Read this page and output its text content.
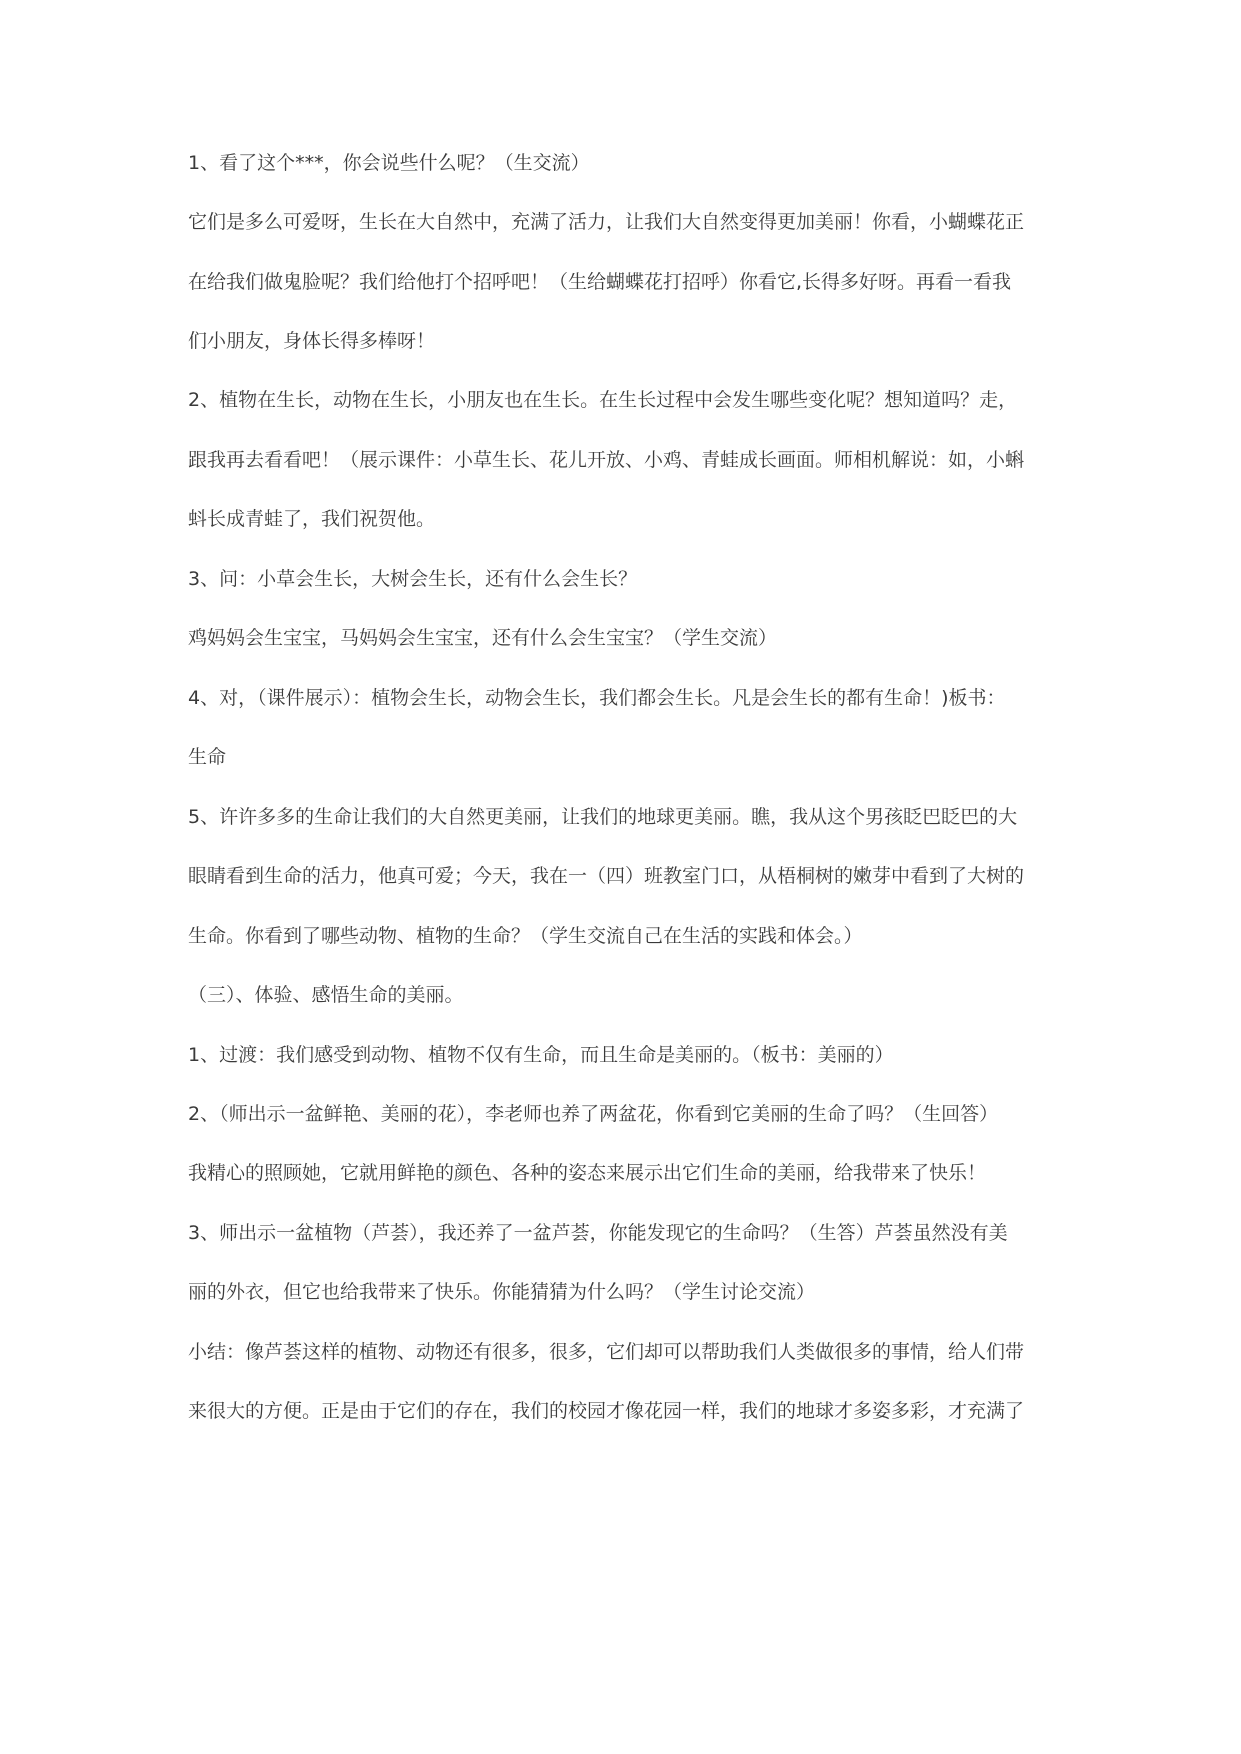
1、看了这个***，你会说些什么呢？（生交流）
它们是多么可爱呀，生长在大自然中，充满了活力，让我们大自然变得更加美丽！你看，小蝴蝶花正
在给我们做鬼脸呢？我们给他打个招呼吧！（生给蝴蝶花打招呼）你看它,长得多好呀。再看一看我
们小朋友，身体长得多棒呀！
2、植物在生长，动物在生长，小朋友也在生长。在生长过程中会发生哪些变化呢？想知道吗？走，
跟我再去看看吧！（展示课件：小草生长、花儿开放、小鸡、青蛙成长画面。师相机解说：如，小蝌
蚪长成青蛙了，我们祝贺他。
3、问：小草会生长，大树会生长，还有什么会生长？
鸡妈妈会生宝宝，马妈妈会生宝宝，还有什么会生宝宝？（学生交流）
4、对，（课件展示）：植物会生长，动物会生长，我们都会生长。凡是会生长的都有生命！)板书：
生命
5、许许多多的生命让我们的大自然更美丽，让我们的地球更美丽。瞧，我从这个男孩眨巴眨巴的大
眼睛看到生命的活力，他真可爱；今天，我在一（四）班教室门口，从梧桐树的嫩芽中看到了大树的
生命。你看到了哪些动物、植物的生命？（学生交流自己在生活的实践和体会。）
（三）、体验、感悟生命的美丽。
1、过渡：我们感受到动物、植物不仅有生命，而且生命是美丽的。（板书：美丽的）
2、（师出示一盆鲜艳、美丽的花），李老师也养了两盆花，你看到它美丽的生命了吗？（生回答）
我精心的照顾她，它就用鲜艳的颜色、各种的姿态来展示出它们生命的美丽，给我带来了快乐！
3、师出示一盆植物（芦荟），我还养了一盆芦荟，你能发现它的生命吗？（生答）芦荟虽然没有美
丽的外衣，但它也给我带来了快乐。你能猜猜为什么吗？（学生讨论交流）
小结：像芦荟这样的植物、动物还有很多，很多，它们却可以帮助我们人类做很多的事情，给人们带
来很大的方便。正是由于它们的存在，我们的校园才像花园一样，我们的地球才多姿多彩，才充满了
